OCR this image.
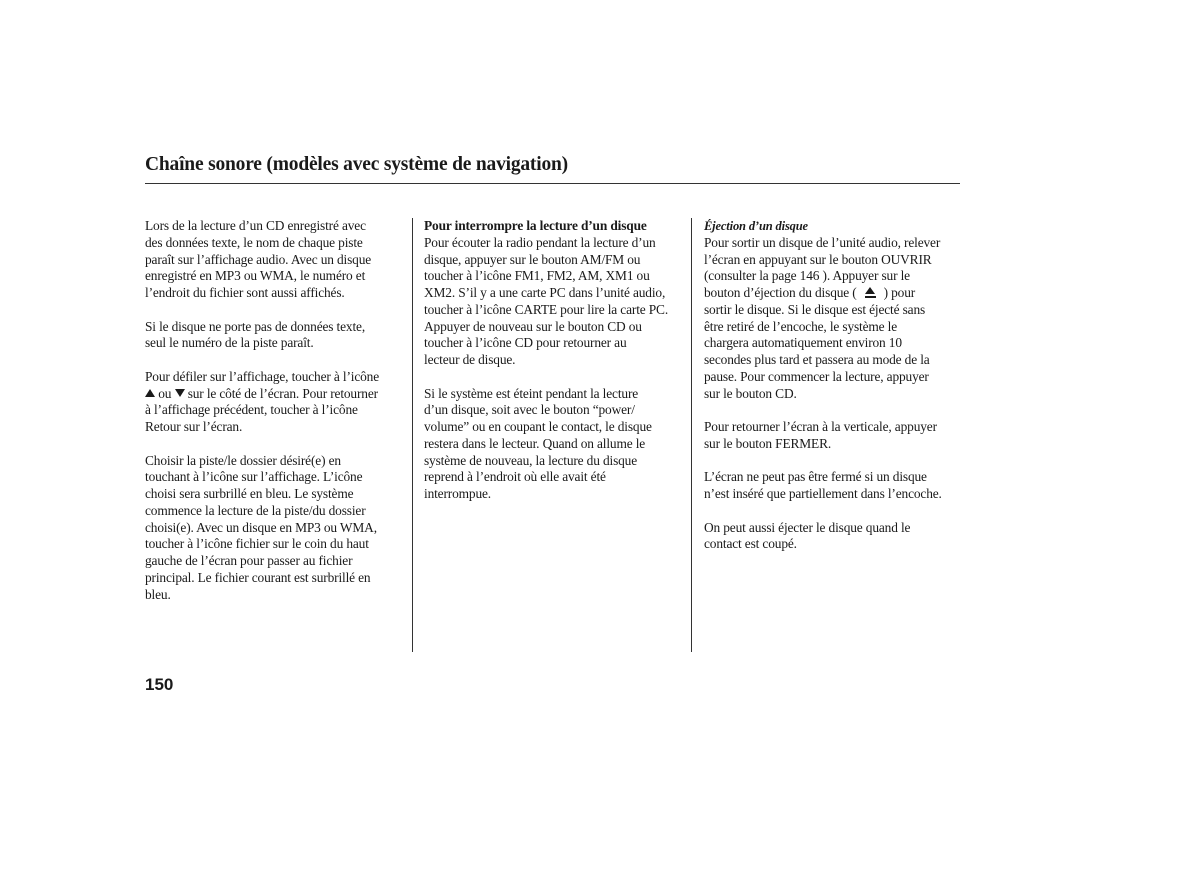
Chaîne sonore (modèles avec système de navigation)

Lors de la lecture d’un CD enregistré avec
des données texte, le nom de chaque piste
paraît sur l’affichage audio. Avec un disque
enregistré en MP3 ou WMA, le numéro et
l’endroit du fichier sont aussi affichés.

Si le disque ne porte pas de données texte,
seul le numéro de la piste paraît.

Pour défiler sur l’affichage, toucher à l’icône
ou sur le côté de l’écran. Pour retourner
à l’affichage précédent, toucher à l’icône
Retour sur l’écran.

Choisir la piste/le dossier désiré(e) en
touchant à l’icône sur l’affichage. L’icône
choisi sera surbrillé en bleu. Le système
commence la lecture de la piste/du dossier
choisi(e). Avec un disque en MP3 ou WMA,
toucher à l’icône fichier sur le coin du haut
gauche de l’écran pour passer au fichier
principal. Le fichier courant est surbrillé en
bleu.

Pour interrompre la lecture d’un disque
Pour écouter la radio pendant la lecture d’un
disque, appuyer sur le bouton AM/FM ou
toucher à l’icône FM1, FM2, AM, XM1 ou
XM2. S’il y a une carte PC dans l’unité audio,
toucher à l’icône CARTE pour lire la carte PC.
Appuyer de nouveau sur le bouton CD ou
toucher à l’icône CD pour retourner au
lecteur de disque.

Si le système est éteint pendant la lecture
d’un disque, soit avec le bouton “power/
volume” ou en coupant le contact, le disque
restera dans le lecteur. Quand on allume le
système de nouveau, la lecture du disque
reprend à l’endroit où elle avait été
interrompue.

Éjection d’un disque
Pour sortir un disque de l’unité audio, relever
l’écran en appuyant sur le bouton OUVRIR
(consulter la page 146 ). Appuyer sur le
bouton d’éjection du disque ( ) pour
sortir le disque. Si le disque est éjecté sans
être retiré de l’encoche, le système le
chargera automatiquement environ 10
secondes plus tard et passera au mode de la
pause. Pour commencer la lecture, appuyer
sur le bouton CD.

Pour retourner l’écran à la verticale, appuyer
sur le bouton FERMER.

L’écran ne peut pas être fermé si un disque
n’est inséré que partiellement dans l’encoche.

On peut aussi éjecter le disque quand le
contact est coupé.

150
